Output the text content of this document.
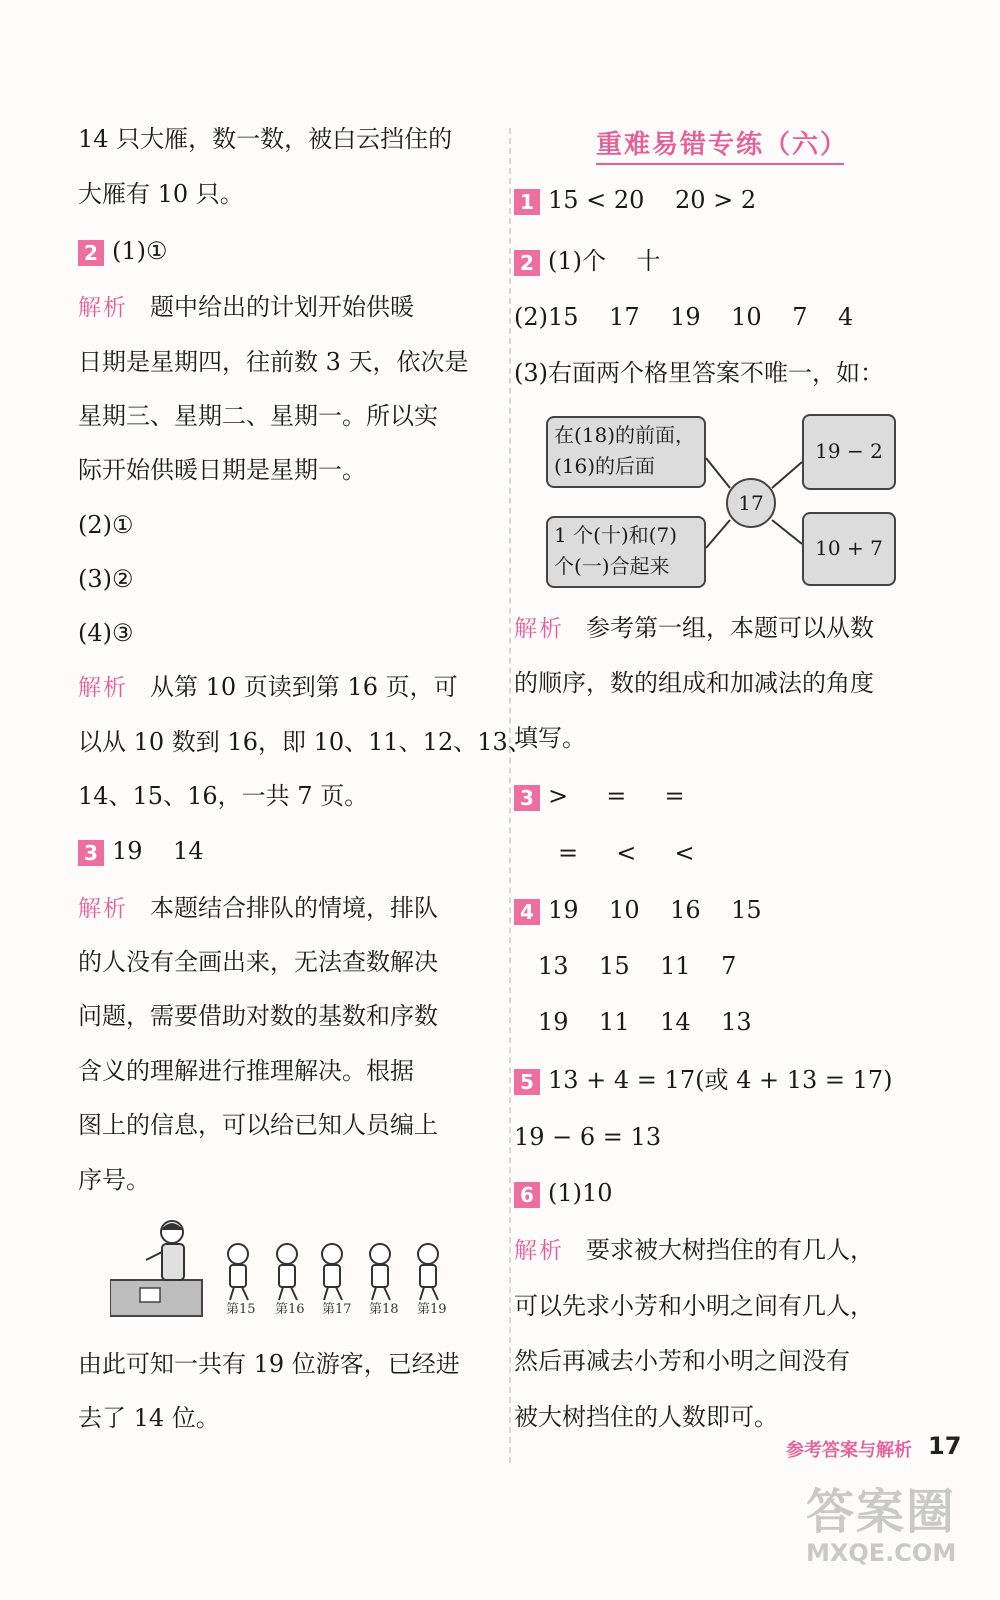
14 只大雁，数一数，被白云挡住的
大雁有 10 只。
2 (1)①
解析 题中给出的计划开始供暖
日期是星期四，往前数 3 天，依次是
星期三、星期二、星期一。所以实
际开始供暖日期是星期一。
(2)①
(3)②
(4)③
解析 从第 10 页读到第 16 页，可
以从 10 数到 16，即 10、11、12、13、
14、15、16，一共 7 页。
3 19    14
解析 本题结合排队的情境，排队
的人没有全画出来，无法查数解决
问题，需要借助对数的基数和序数
含义的理解进行推理解决。根据
图上的信息，可以给已知人员编上
序号。
由此可知一共有 19 位游客，已经进
去了 14 位。
第15 第16 第17 第18 第19
重难易错专练（六）
1 15 < 20    20 > 2
2 (1)个    十
(2)15    17    19    10    7    4
(3)右面两个格里答案不唯一，如：
解析 参考第一组，本题可以从数
的顺序，数的组成和加减法的角度
填写。
3 >     =     =
=     <     <
4 19    10    16    15
13    15    11    7
19    11    14    13
5 13 + 4 = 17(或 4 + 13 = 17)
19 − 6 = 13
6 (1)10
解析 要求被大树挡住的有几人，
可以先求小芳和小明之间有几人，
然后再减去小芳和小明之间没有
被大树挡住的人数即可。
在(18)的前面，
(16)的后面
1 个(十)和(7)
个(一)合起来
17
19 − 2
10 + 7
参考答案与解析 17
答案圈
MXQE.COM
